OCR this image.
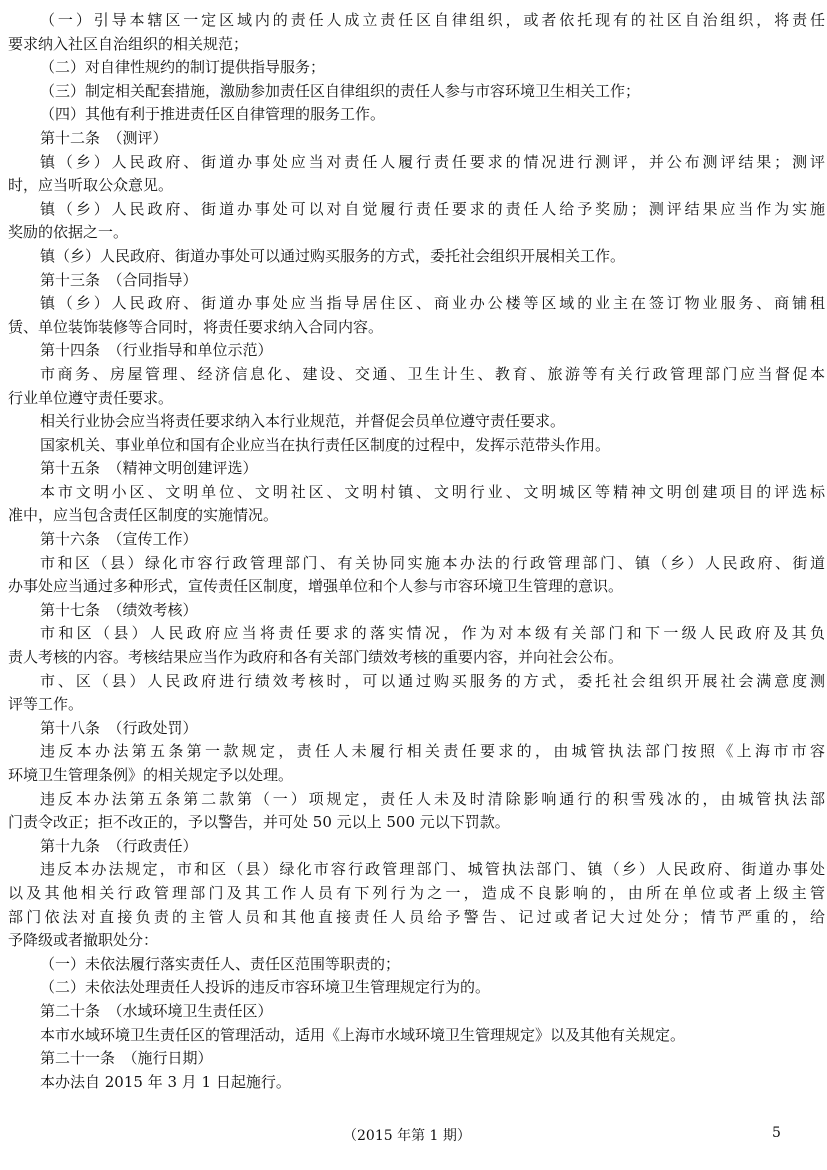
（一）引导本辖区一定区域内的责任人成立责任区自律组织，或者依托现有的社区自治组织，将责任
要求纳入社区自治组织的相关规范；
（二）对自律性规约的制订提供指导服务；
（三）制定相关配套措施，激励参加责任区自律组织的责任人参与市容环境卫生相关工作；
（四）其他有利于推进责任区自律管理的服务工作。
第十二条　（测评）
镇（乡）人民政府、街道办事处应当对责任人履行责任要求的情况进行测评，并公布测评结果；测评
时，应当听取公众意见。
镇（乡）人民政府、街道办事处可以对自觉履行责任要求的责任人给予奖励；测评结果应当作为实施
奖励的依据之一。
镇（乡）人民政府、街道办事处可以通过购买服务的方式，委托社会组织开展相关工作。
第十三条　（合同指导）
镇（乡）人民政府、街道办事处应当指导居住区、商业办公楼等区域的业主在签订物业服务、商铺租
赁、单位装饰装修等合同时，将责任要求纳入合同内容。
第十四条　（行业指导和单位示范）
市商务、房屋管理、经济信息化、建设、交通、卫生计生、教育、旅游等有关行政管理部门应当督促本
行业单位遵守责任要求。
相关行业协会应当将责任要求纳入本行业规范，并督促会员单位遵守责任要求。
国家机关、事业单位和国有企业应当在执行责任区制度的过程中，发挥示范带头作用。
第十五条　（精神文明创建评选）
本市文明小区、文明单位、文明社区、文明村镇、文明行业、文明城区等精神文明创建项目的评选标
准中，应当包含责任区制度的实施情况。
第十六条　（宣传工作）
市和区（县）绿化市容行政管理部门、有关协同实施本办法的行政管理部门、镇（乡）人民政府、街道
办事处应当通过多种形式，宣传责任区制度，增强单位和个人参与市容环境卫生管理的意识。
第十七条　（绩效考核）
市和区（县）人民政府应当将责任要求的落实情况，作为对本级有关部门和下一级人民政府及其负
责人考核的内容。考核结果应当作为政府和各有关部门绩效考核的重要内容，并向社会公布。
市、区（县）人民政府进行绩效考核时，可以通过购买服务的方式，委托社会组织开展社会满意度测
评等工作。
第十八条　（行政处罚）
违反本办法第五条第一款规定，责任人未履行相关责任要求的，由城管执法部门按照《上海市市容
环境卫生管理条例》的相关规定予以处理。
违反本办法第五条第二款第（一）项规定，责任人未及时清除影响通行的积雪残冰的，由城管执法部
门责令改正；拒不改正的，予以警告，并可处 50 元以上 500 元以下罚款。
第十九条　（行政责任）
违反本办法规定，市和区（县）绿化市容行政管理部门、城管执法部门、镇（乡）人民政府、街道办事处
以及其他相关行政管理部门及其工作人员有下列行为之一，造成不良影响的，由所在单位或者上级主管
部门依法对直接负责的主管人员和其他直接责任人员给予警告、记过或者记大过处分；情节严重的，给
予降级或者撤职处分：
（一）未依法履行落实责任人、责任区范围等职责的；
（二）未依法处理责任人投诉的违反市容环境卫生管理规定行为的。
第二十条　（水域环境卫生责任区）
本市水域环境卫生责任区的管理活动，适用《上海市水域环境卫生管理规定》以及其他有关规定。
第二十一条　（施行日期）
本办法自 2015 年 3 月 1 日起施行。
（2015 年第 1 期）	5
